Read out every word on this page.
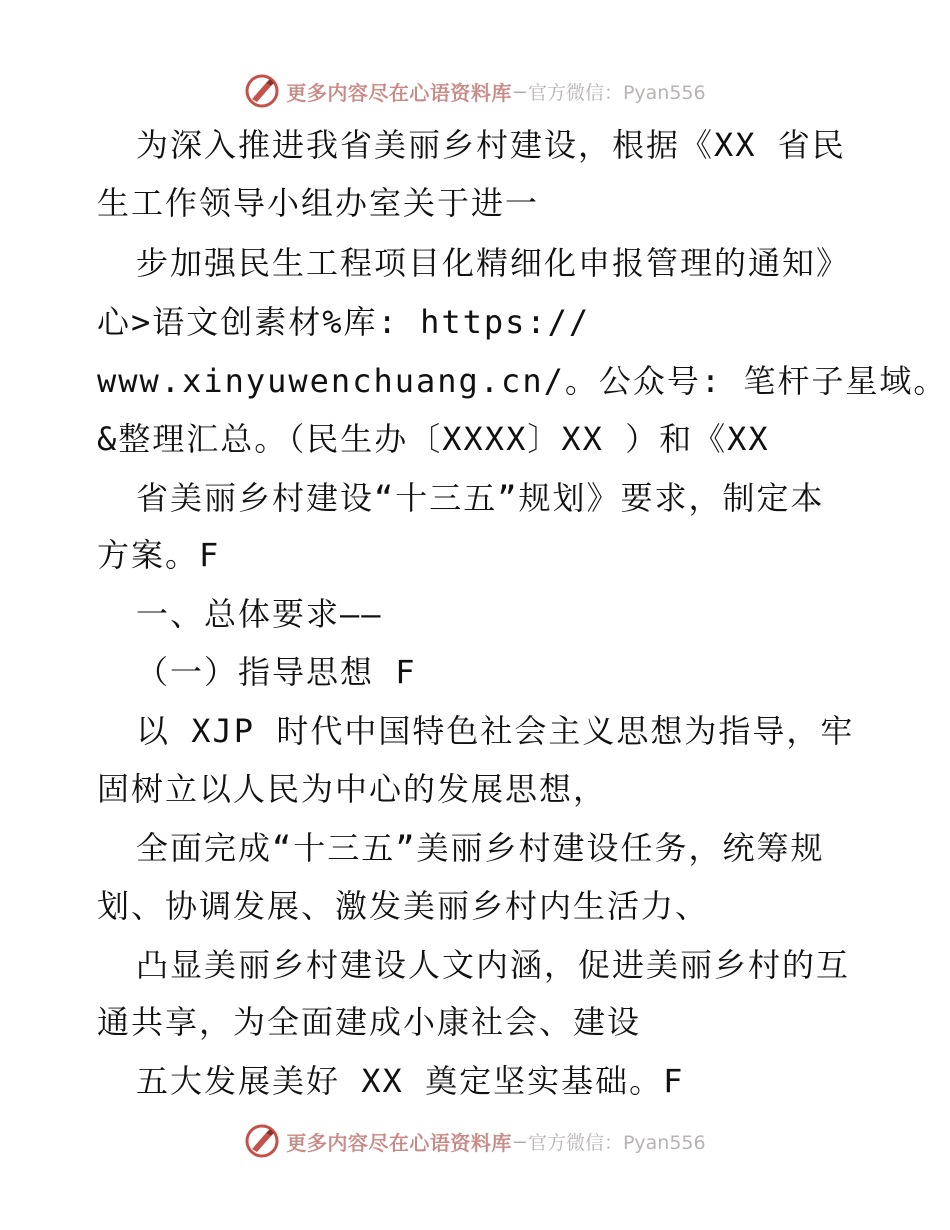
更多内容尽在心语资料库 — 官方微信：Pyan556
为深入推进我省美丽乡村建设，根据《XX 省民
生工作领导小组办室关于进一
步加强民生工程项目化精细化申报管理的通知》
心>语文创素材%库: https://
www.xinyuwenchuang.cn/。公众号: 笔杆子星域。
&整理汇总。（民生办〔XXXX〕XX ）和《XX
省美丽乡村建设“十三五”规划》要求，制定本
方案。F
一、总体要求——
（一）指导思想 F
以 XJP 时代中国特色社会主义思想为指导，牢
固树立以人民为中心的发展思想，
全面完成“十三五”美丽乡村建设任务，统筹规
划、协调发展、激发美丽乡村内生活力、
凸显美丽乡村建设人文内涵，促进美丽乡村的互
通共享，为全面建成小康社会、建设
五大发展美好 XX 奠定坚实基础。F
更多内容尽在心语资料库 — 官方微信：Pyan556
